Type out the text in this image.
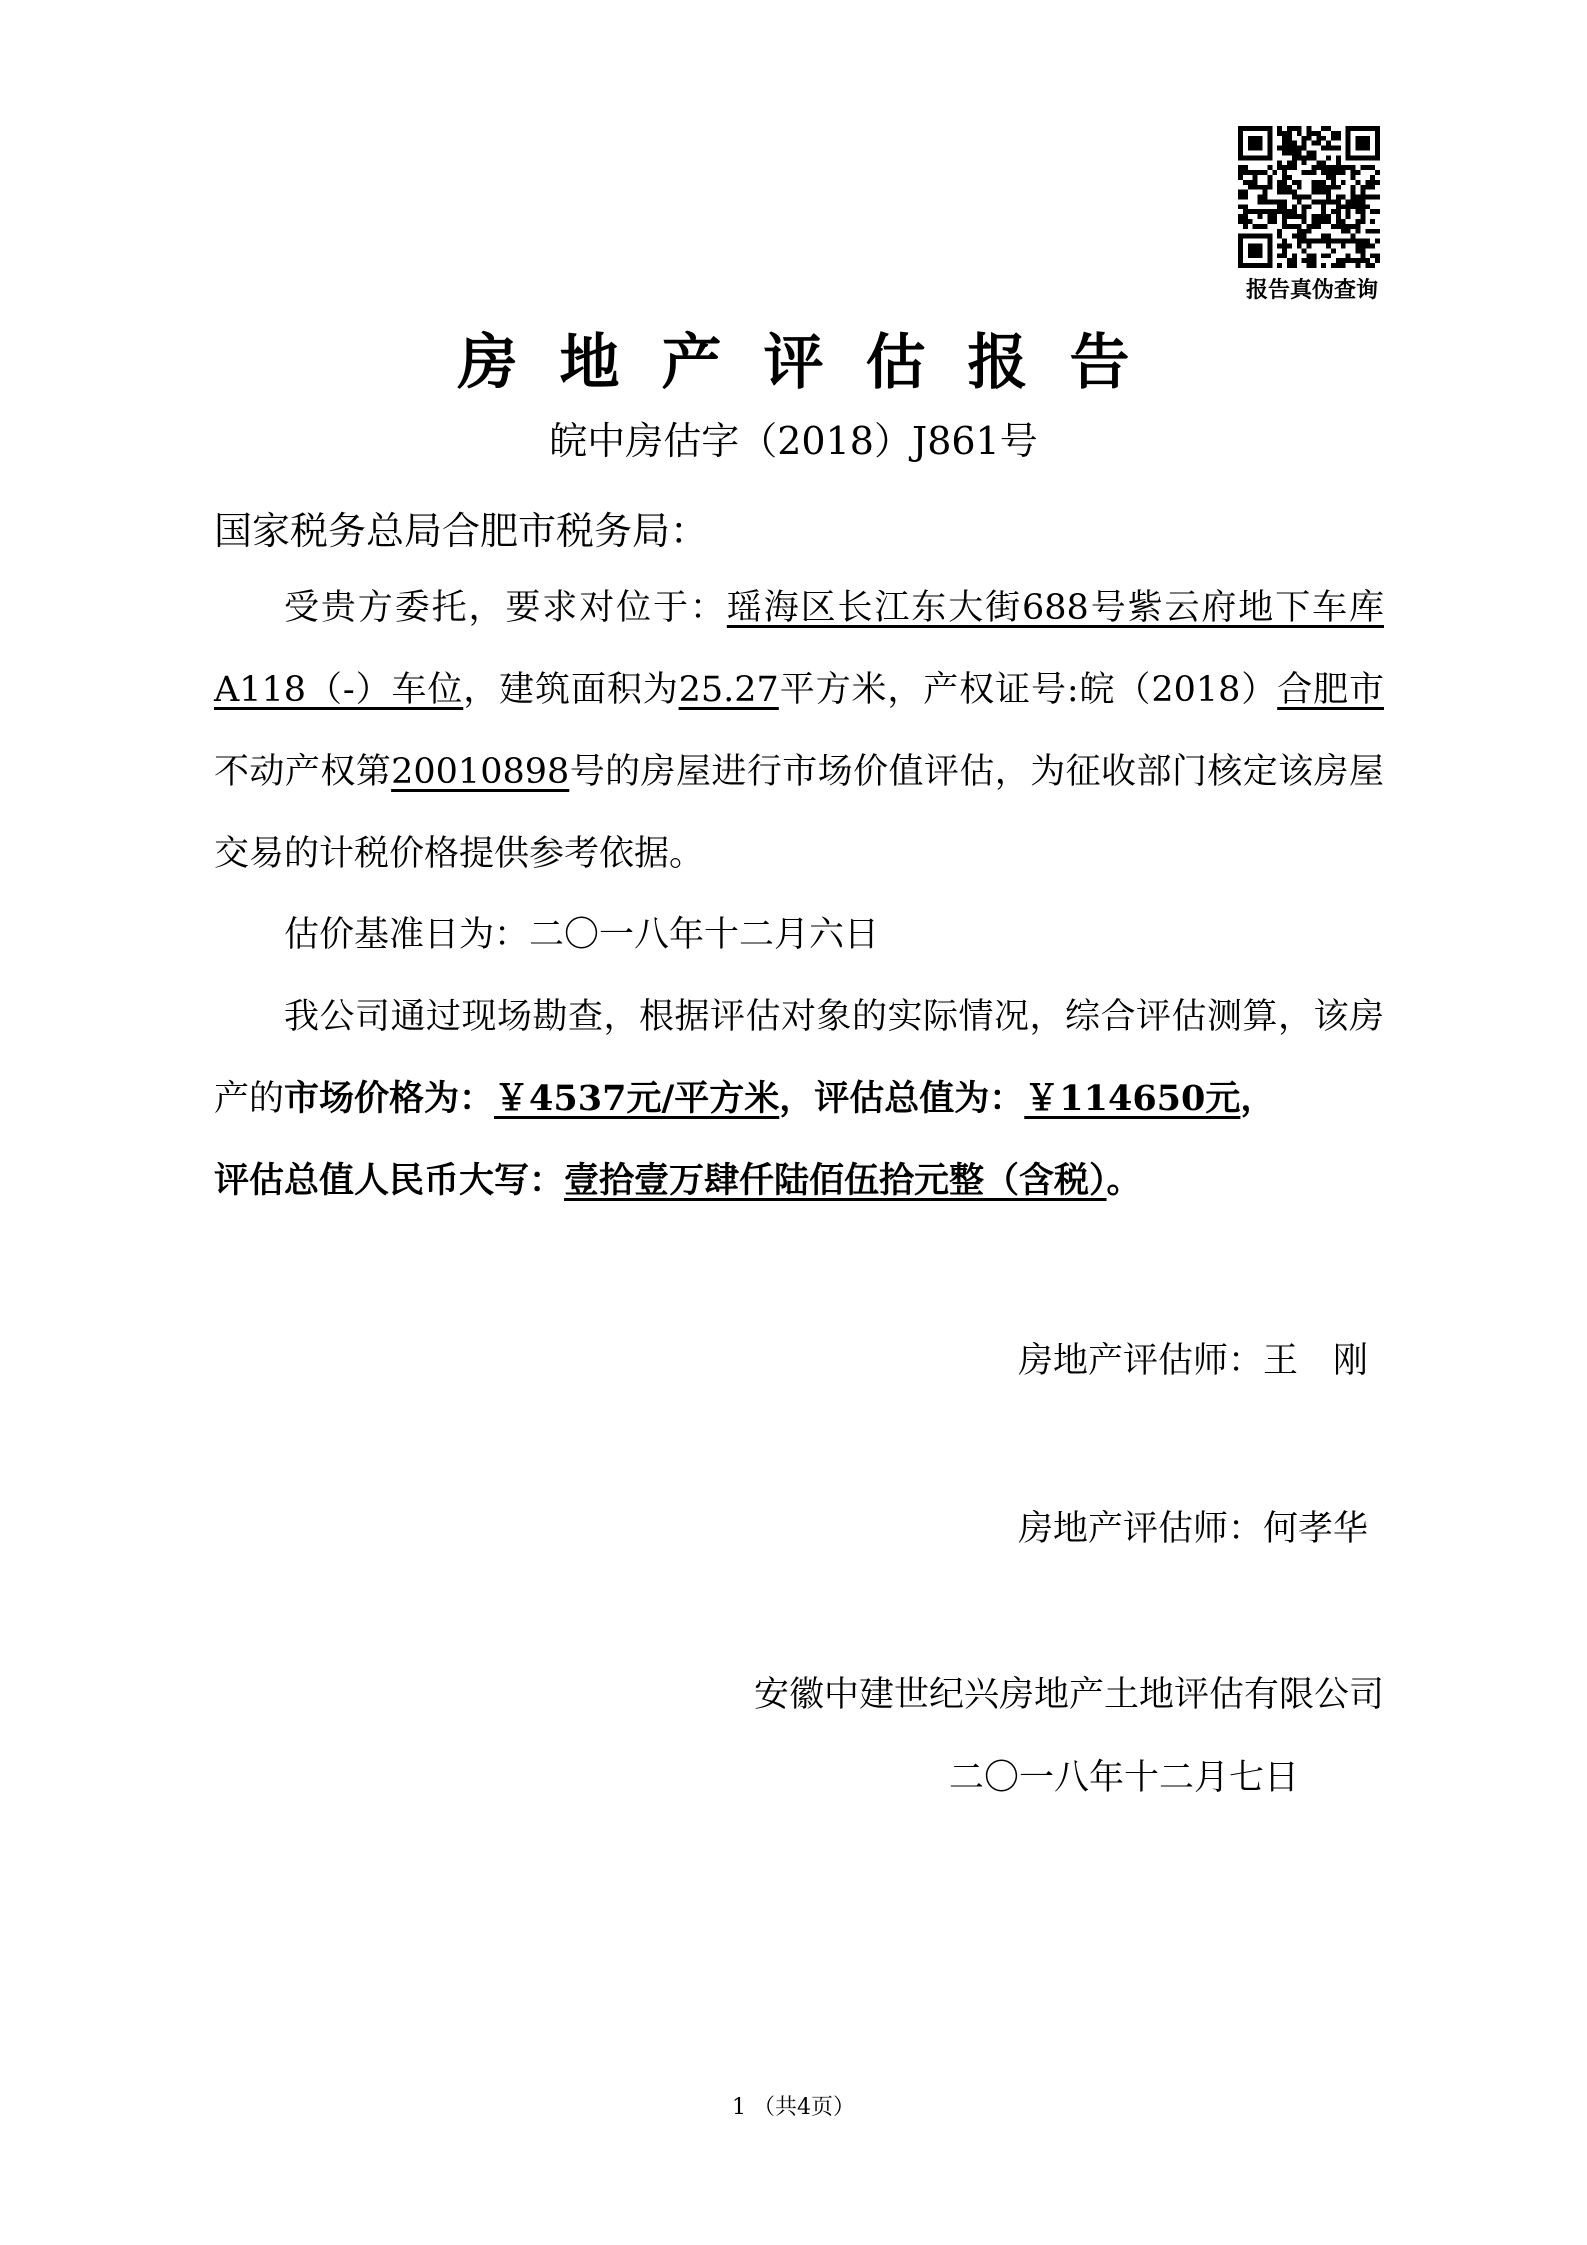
报告真伪查询
房地产评估报告
皖中房估字（2018）J861号
国家税务总局合肥市税务局：
受贵方委托，要求对位于：瑶海区长江东大街688号紫云府地下车库A118（-）车位，建筑面积为25.27平方米，产权证号:皖（2018）合肥市不动产权第20010898号的房屋进行市场价值评估，为征收部门核定该房屋交易的计税价格提供参考依据。
估价基准日为：二〇一八年十二月六日
我公司通过现场勘查，根据评估对象的实际情况，综合评估测算，该房产的市场价格为：￥4537元/平方米，评估总值为：￥114650元，
评估总值人民币大写：壹拾壹万肆仟陆佰伍拾元整（含税）。
房地产评估师：王　刚
房地产评估师：何孝华
安徽中建世纪兴房地产土地评估有限公司
二〇一八年十二月七日
1 （共4页）
